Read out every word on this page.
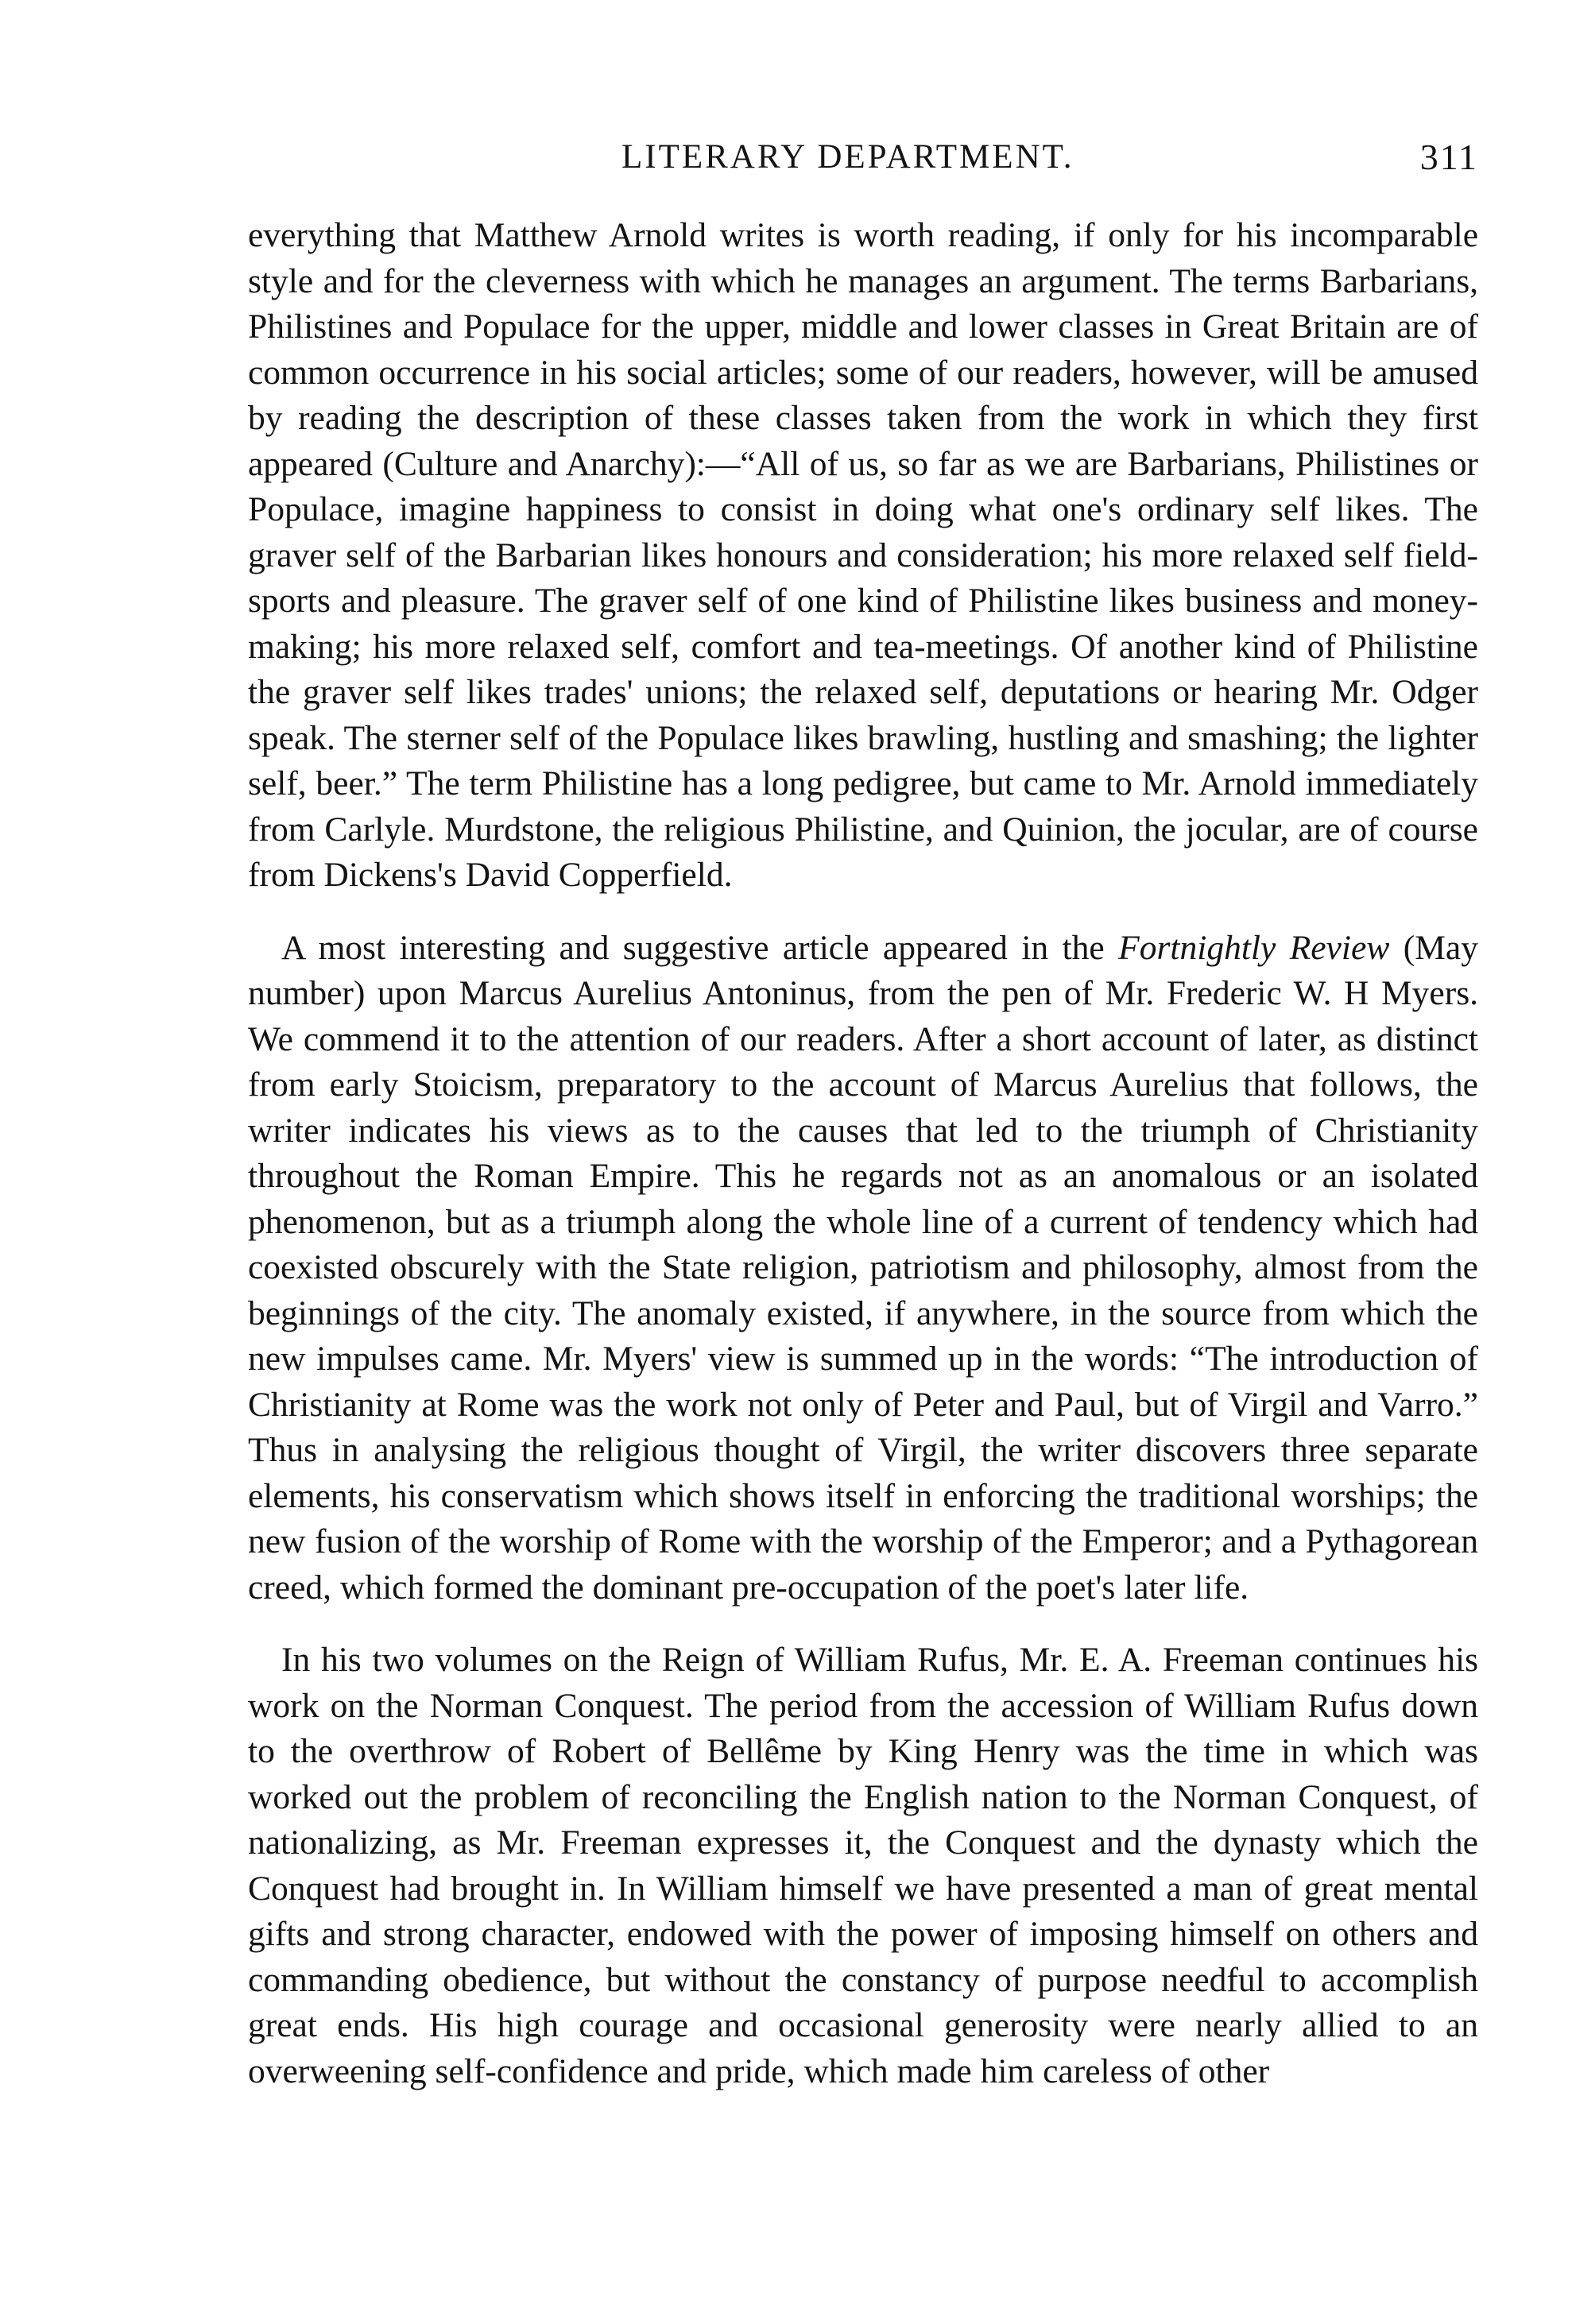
LITERARY DEPARTMENT.	311

everything that Matthew Arnold writes is worth reading, if only for his incomparable style and for the cleverness with which he manages an argument. The terms Barbarians, Philistines and Populace for the upper, middle and lower classes in Great Britain are of common occurrence in his social articles; some of our readers, however, will be amused by reading the description of these classes taken from the work in which they first appeared (Culture and Anarchy):—“All of us, so far as we are Barbarians, Philistines or Populace, imagine happiness to consist in doing what one's ordinary self likes. The graver self of the Barbarian likes honours and consideration; his more relaxed self field-sports and pleasure. The graver self of one kind of Philistine likes business and money-making; his more relaxed self, comfort and tea-meetings. Of another kind of Philistine the graver self likes trades' unions; the relaxed self, deputations or hearing Mr. Odger speak. The sterner self of the Populace likes brawling, hustling and smashing; the lighter self, beer.” The term Philistine has a long pedigree, but came to Mr. Arnold immediately from Carlyle. Murdstone, the religious Philistine, and Quinion, the jocular, are of course from Dickens's David Copperfield.

A most interesting and suggestive article appeared in the Fortnightly Review (May number) upon Marcus Aurelius Antoninus, from the pen of Mr. Frederic W. H Myers. We commend it to the attention of our readers. After a short account of later, as distinct from early Stoicism, preparatory to the account of Marcus Aurelius that follows, the writer indicates his views as to the causes that led to the triumph of Christianity throughout the Roman Empire. This he regards not as an anomalous or an isolated phenomenon, but as a triumph along the whole line of a current of tendency which had coexisted obscurely with the State religion, patriotism and philosophy, almost from the beginnings of the city. The anomaly existed, if anywhere, in the source from which the new impulses came. Mr. Myers' view is summed up in the words: “The introduction of Christianity at Rome was the work not only of Peter and Paul, but of Virgil and Varro.” Thus in analysing the religious thought of Virgil, the writer discovers three separate elements, his conservatism which shows itself in enforcing the traditional worships; the new fusion of the worship of Rome with the worship of the Emperor; and a Pythagorean creed, which formed the dominant pre-occupation of the poet's later life.

In his two volumes on the Reign of William Rufus, Mr. E. A. Freeman continues his work on the Norman Conquest. The period from the accession of William Rufus down to the overthrow of Robert of Bellême by King Henry was the time in which was worked out the problem of reconciling the English nation to the Norman Conquest, of nationalizing, as Mr. Freeman expresses it, the Conquest and the dynasty which the Conquest had brought in. In William himself we have presented a man of great mental gifts and strong character, endowed with the power of imposing himself on others and commanding obedience, but without the constancy of purpose needful to accomplish great ends. His high courage and occasional generosity were nearly allied to an overweening self-confidence and pride, which made him careless of other
